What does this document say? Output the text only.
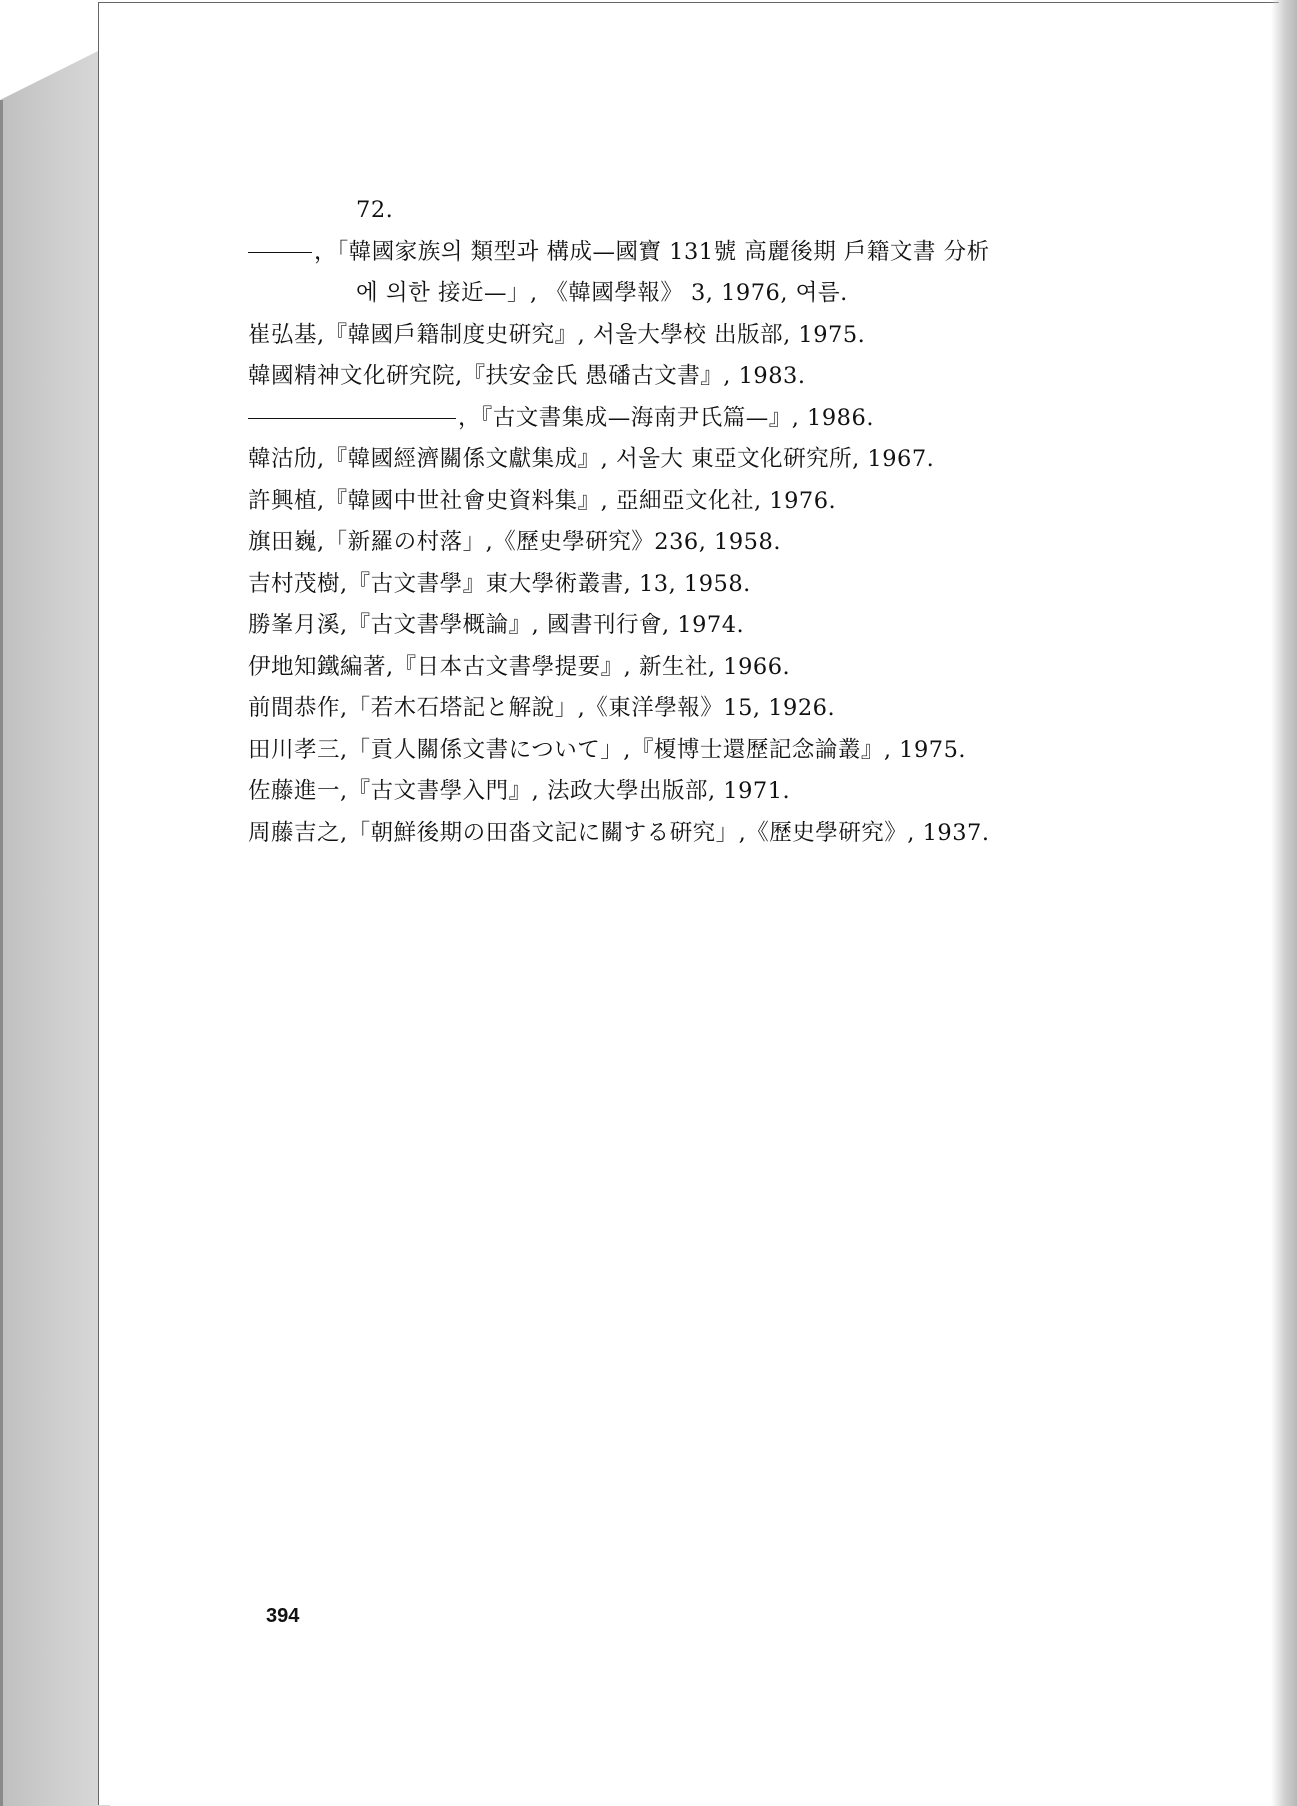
72.
，「韓國家族의 類型과 構成—國寶 131號 高麗後期 戶籍文書 分析
에 의한 接近—」, 《韓國學報》 3, 1976, 여름.
崔弘基,『韓國戶籍制度史硏究』, 서울大學校 出版部, 1975.
韓國精神文化硏究院,『扶安金氏 愚磻古文書』, 1983.
，『古文書集成—海南尹氏篇—』, 1986.
韓沽劤,『韓國經濟關係文獻集成』, 서울大 東亞文化硏究所, 1967.
許興植,『韓國中世社會史資料集』, 亞細亞文化社, 1976.
旗田巍,「新羅の村落」,《歷史學硏究》236, 1958.
吉村茂樹,『古文書學』東大學術叢書, 13, 1958.
勝峯月溪,『古文書學概論』, 國書刊行會, 1974.
伊地知鐵編著,『日本古文書學提要』, 新生社, 1966.
前間恭作,「若木石塔記と解說」,《東洋學報》15, 1926.
田川孝三,「貢人關係文書について」,『榎博士還歷記念論叢』, 1975.
佐藤進一,『古文書學入門』, 法政大學出版部, 1971.
周藤吉之,「朝鮮後期の田畓文記に關する硏究」,《歷史學硏究》, 1937.
394
